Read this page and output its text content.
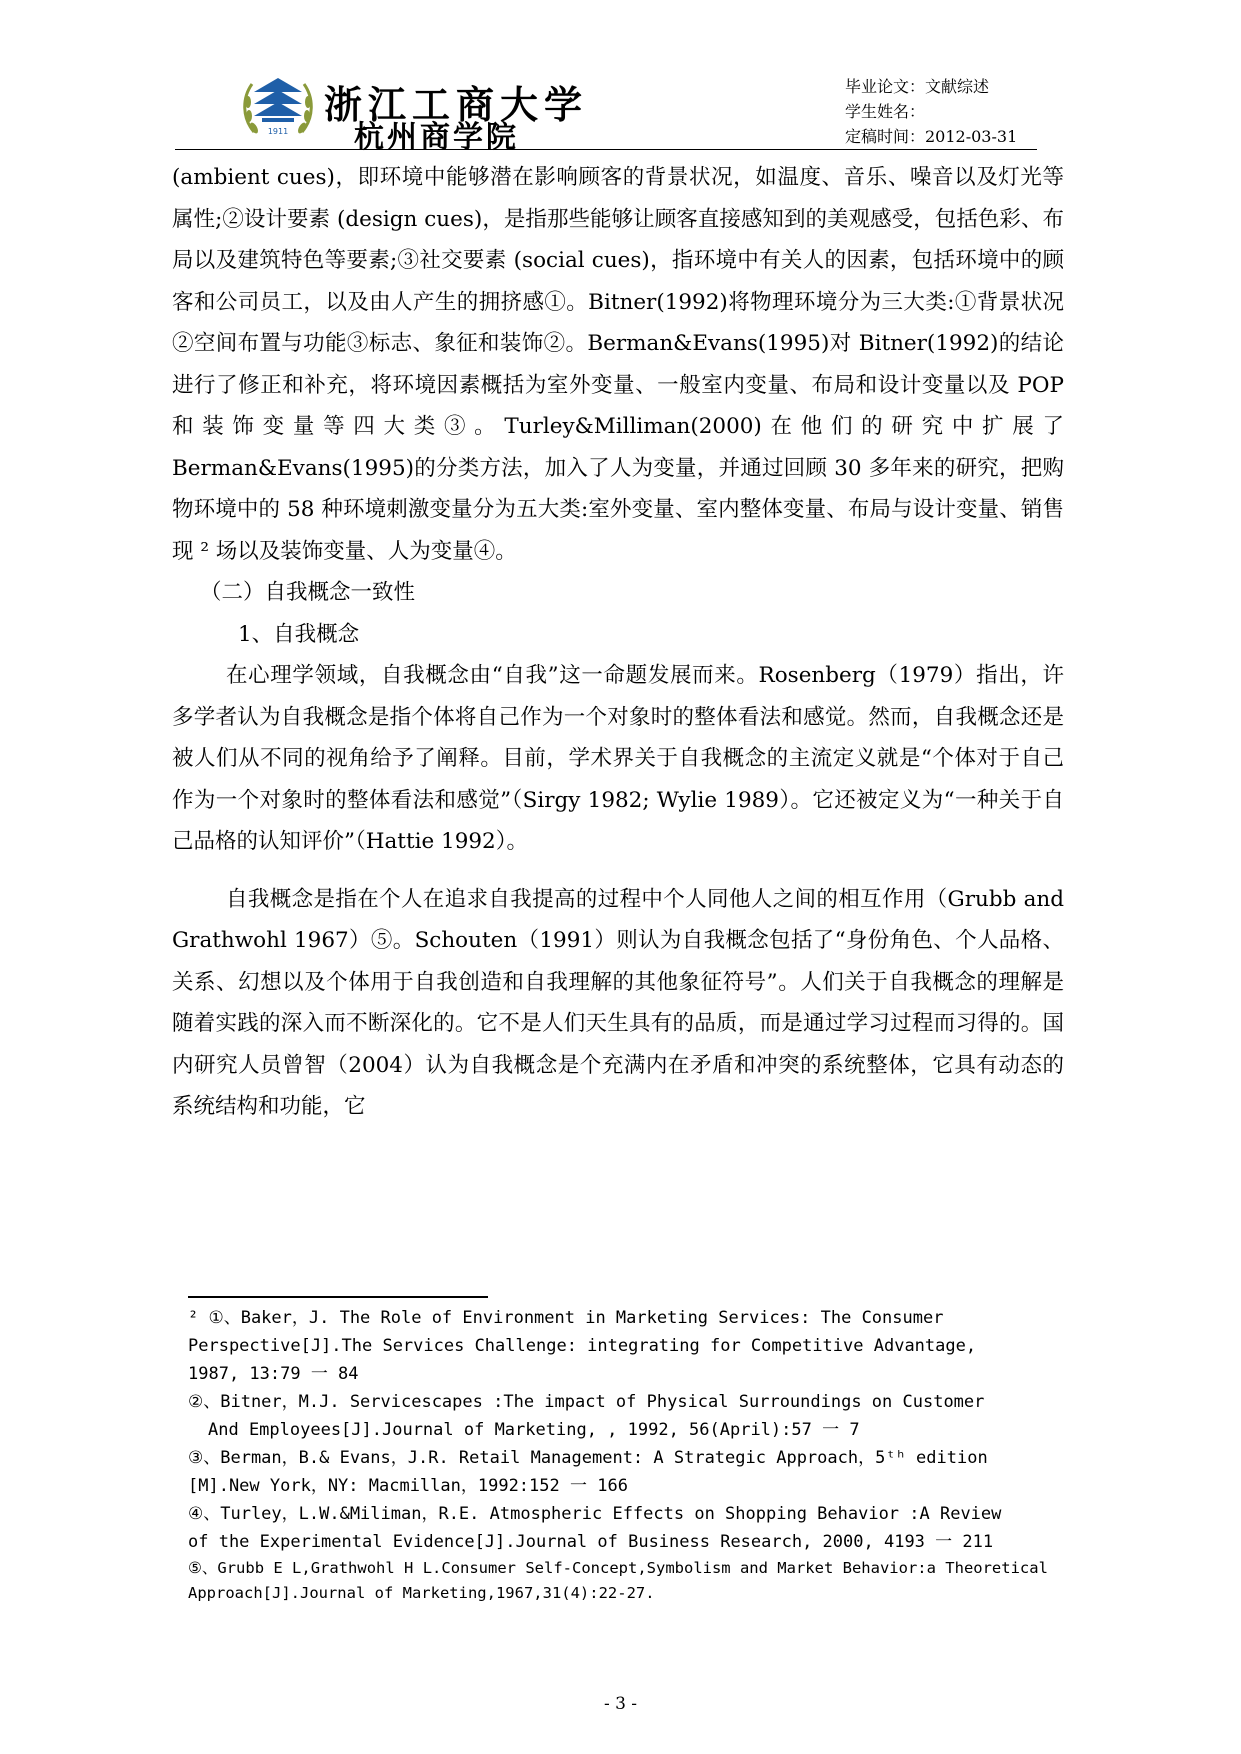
1911
浙江工商大学
杭州商学院
毕业论文：文献综述
学生姓名：
定稿时间：2012-03-31

(ambient cues)，即环境中能够潜在影响顾客的背景状况，如温度、音乐、噪音以及灯光等属性;②设计要素 (design cues)，是指那些能够让顾客直接感知到的美观感受，包括色彩、布局以及建筑特色等要素;③社交要素 (social cues)，指环境中有关人的因素，包括环境中的顾客和公司员工，以及由人产生的拥挤感①。Bitner(1992)将物理环境分为三大类:①背景状况②空间布置与功能③标志、象征和装饰②。Berman&Evans(1995)对 Bitner(1992)的结论进行了修正和补充，将环境因素概括为室外变量、一般室内变量、布局和设计变量以及 POP 和装饰变量等四大类③。Turley&Milliman(2000)在他们的研究中扩展了 Berman&Evans(1995)的分类方法，加入了人为变量，并通过回顾 30 多年来的研究，把购物环境中的 58 种环境刺激变量分为五大类:室外变量、室内整体变量、布局与设计变量、销售现 ² 场以及装饰变量、人为变量④。

（二）自我概念一致性

1、自我概念

在心理学领域，自我概念由“自我”这一命题发展而来。Rosenberg（1979）指出，许多学者认为自我概念是指个体将自己作为一个对象时的整体看法和感觉。然而，自我概念还是被人们从不同的视角给予了阐释。目前，学术界关于自我概念的主流定义就是“个体对于自己作为一个对象时的整体看法和感觉”（Sirgy 1982; Wylie 1989）。它还被定义为“一种关于自己品格的认知评价”（Hattie 1992）。

自我概念是指在个人在追求自我提高的过程中个人同他人之间的相互作用（Grubb and Grathwohl 1967）⑤。Schouten（1991）则认为自我概念包括了“身份角色、个人品格、关系、幻想以及个体用于自我创造和自我理解的其他象征符号”。人们关于自我概念的理解是随着实践的深入而不断深化的。它不是人们天生具有的品质，而是通过学习过程而习得的。国内研究人员曾智（2004）认为自我概念是个充满内在矛盾和冲突的系统整体，它具有动态的系统结构和功能，它

² ①、Baker，J. The Role of Environment in Marketing Services: The Consumer

Perspective[J].The Services Challenge: integrating for Competitive Advantage,

1987, 13:79 一 84

②、Bitner，M.J. Servicescapes :The impact of Physical Surroundings on Customer

And Employees[J].Journal of Marketing, , 1992, 56(April):57 一 7

③、Berman，B.& Evans，J.R. Retail Management: A Strategic Approach，5ᵗʰ edition

[M].New York，NY: Macmillan，1992:152 一 166

④、Turley，L.W.&Miliman，R.E. Atmospheric Effects on Shopping Behavior :A Review

of the Experimental Evidence[J].Journal of Business Research, 2000, 4193 一 211

⑤、Grubb E L,Grathwohl H L.Consumer Self-Concept,Symbolism and Market Behavior:a Theoretical

Approach[J].Journal of Marketing,1967,31(4):22-27.

- 3 -
